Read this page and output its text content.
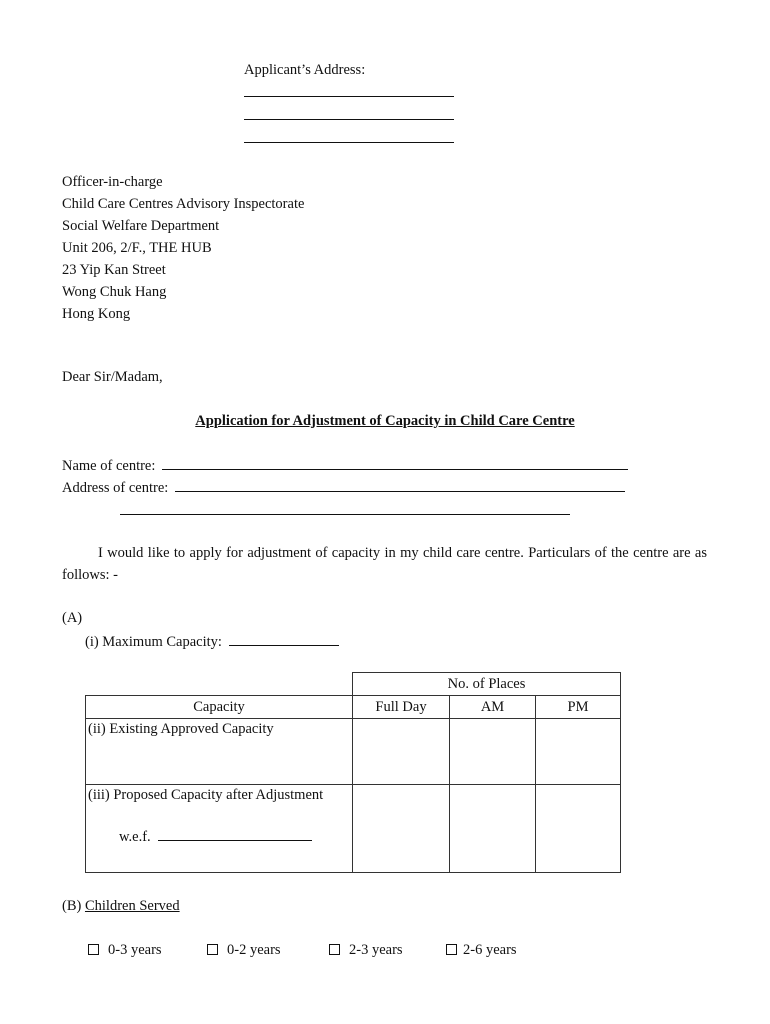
Applicant’s Address:
Officer-in-charge
Child Care Centres Advisory Inspectorate
Social Welfare Department
Unit 206, 2/F., THE HUB
23 Yip Kan Street
Wong Chuk Hang
Hong Kong
Dear Sir/Madam,
Application for Adjustment of Capacity in Child Care Centre
Name of centre:
Address of centre:
I would like to apply for adjustment of capacity in my child care centre. Particulars of the centre are as follows: -
(A)
(i) Maximum Capacity:
	No. of Places		
Capacity	Full Day	AM	PM
(ii) Existing Approved Capacity			

(iii) Proposed Capacity after Adjustment
w.e.f.			

(B) Children Served
0-3 years	0-2 years	2-3 years	2-6 years
